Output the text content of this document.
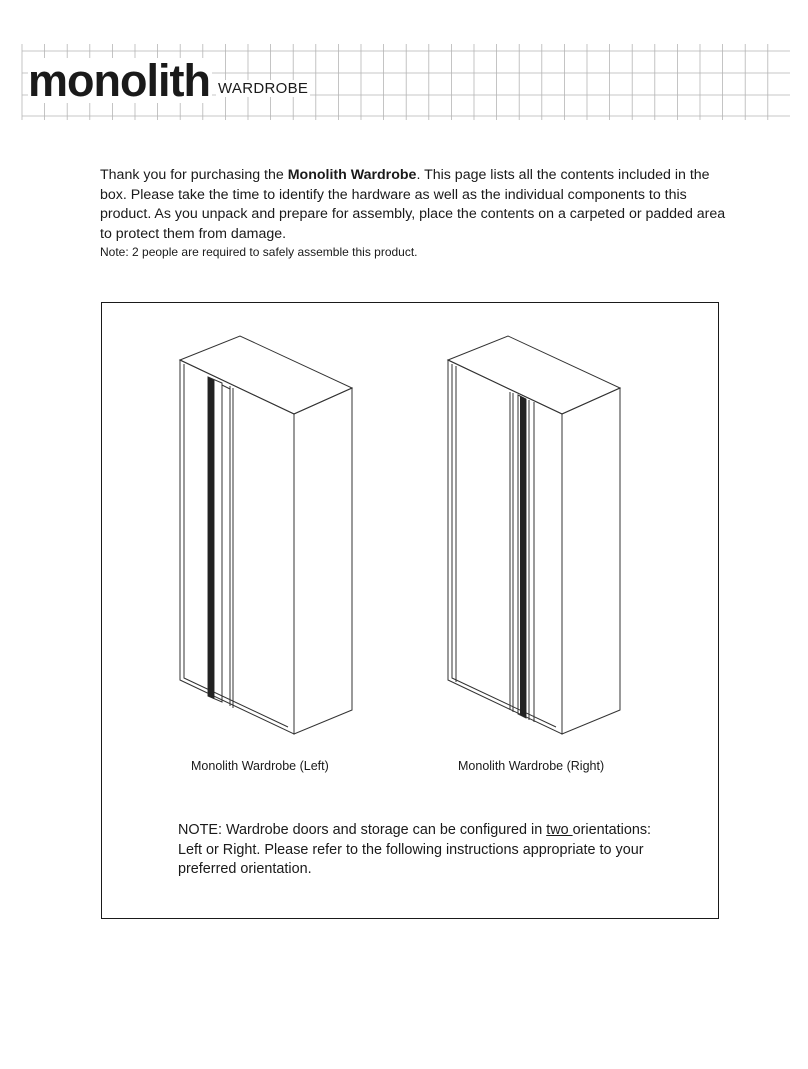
monolith WARDROBE

Thank you for purchasing the Monolith Wardrobe. This page lists all the contents included in the box. Please take the time to identify the hardware as well as the individual components to this product. As you unpack and prepare for assembly, place the contents on a carpeted or padded area to protect them from damage.

Note: 2 people are required to safely assemble this product.

Monolith Wardrobe (Left)	Monolith Wardrobe (Right)

NOTE: Wardrobe doors and storage can be configured in two orientations: Left or Right. Please refer to the following instructions appropriate to your preferred orientation.
